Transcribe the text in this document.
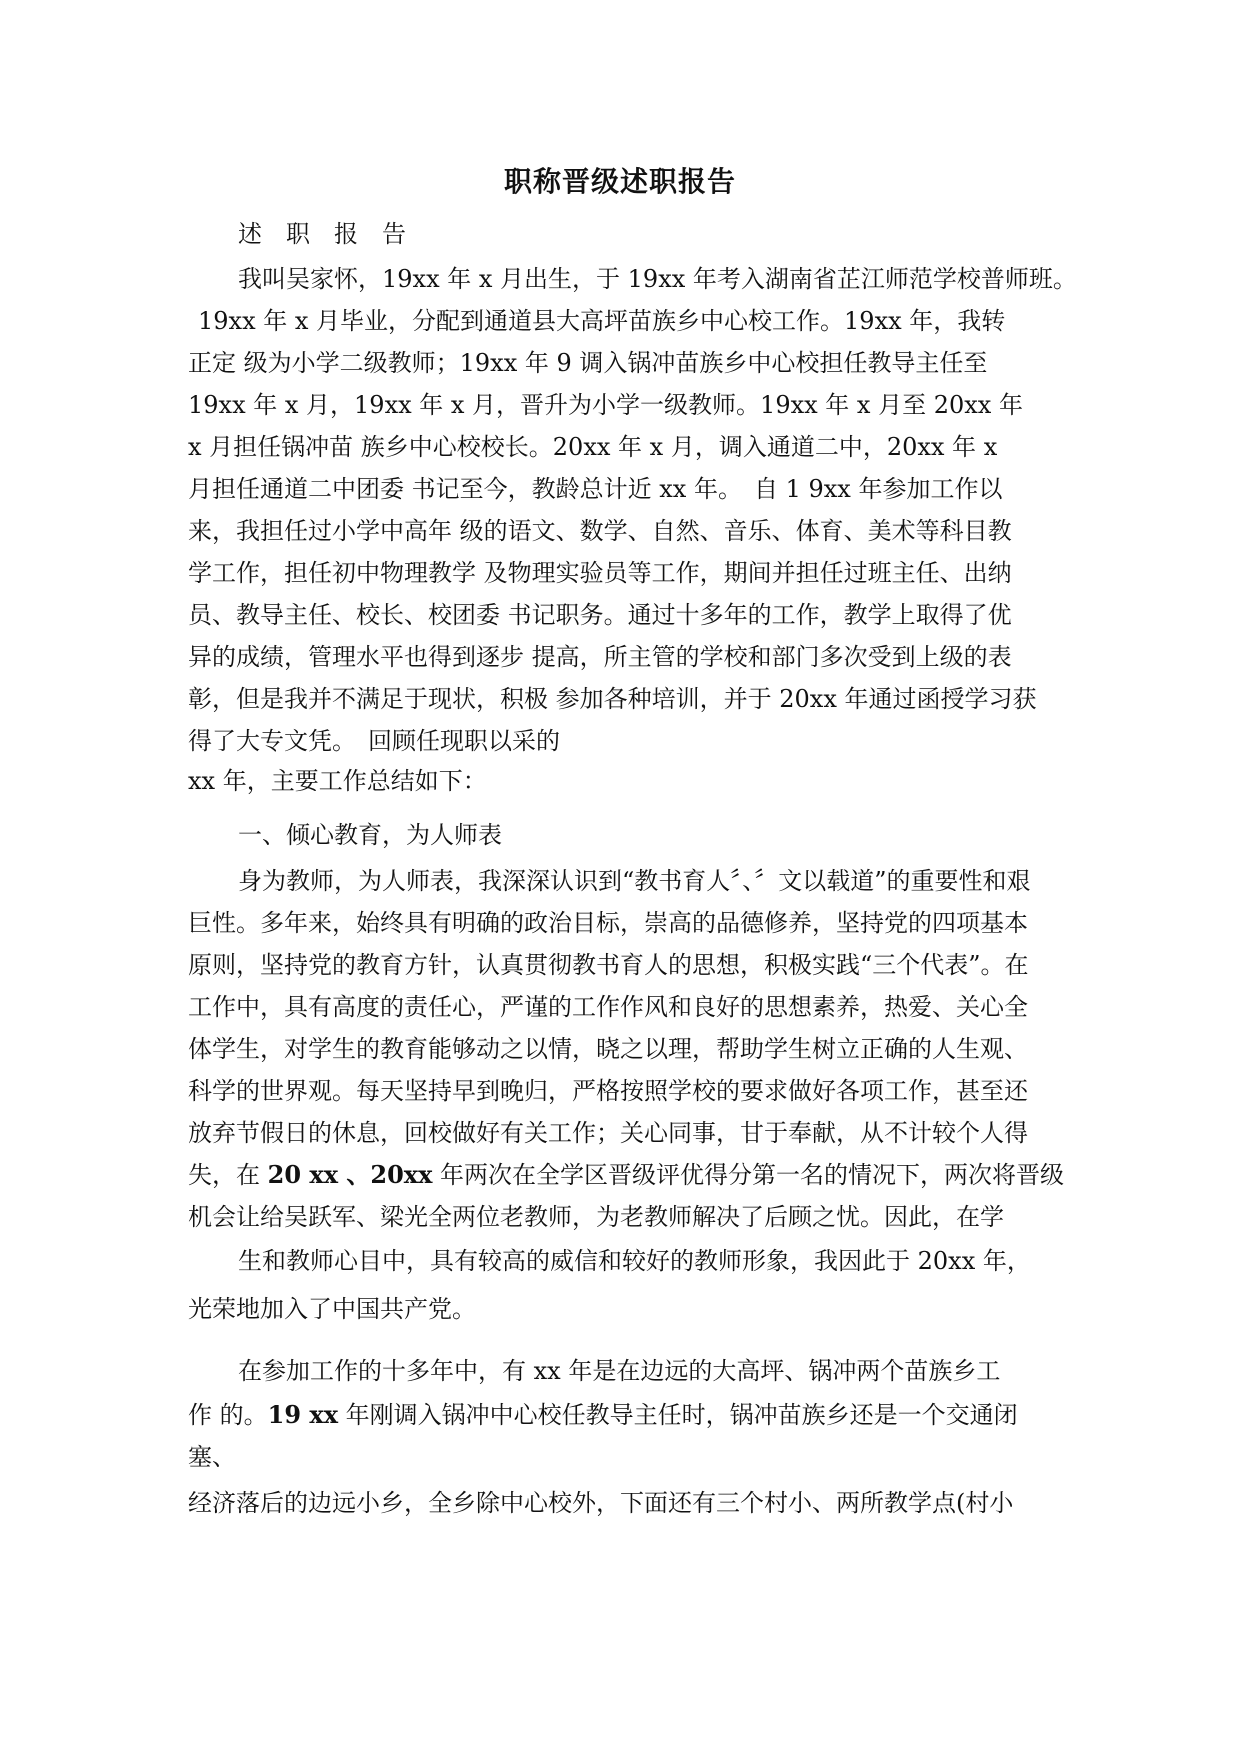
职称晋级述职报告
述　职　报　告
我叫吴家怀，19xx 年 x 月出生，于 19xx 年考入湖南省芷江师范学校普师班。
19xx 年 x 月毕业，分配到通道县大高坪苗族乡中心校工作。19xx 年，我转
正定 级为小学二级教师；19xx 年 9 调入锅冲苗族乡中心校担任教导主任至
19xx 年 x 月，19xx 年 x 月，晋升为小学一级教师。19xx 年 x 月至 20xx 年
x 月担任锅冲苗 族乡中心校校长。20xx 年 x 月，调入通道二中，20xx 年 x
月担任通道二中团委 书记至今，教龄总计近 xx 年。　自 1 9xx 年参加工作以
来，我担任过小学中高年 级的语文、数学、自然、音乐、体育、美术等科目教
学工作，担任初中物理教学 及物理实验员等工作，期间并担任过班主任、出纳
员、教导主任、校长、校团委 书记职务。通过十多年的工作，教学上取得了优
异的成绩，管理水平也得到逐步 提高，所主管的学校和部门多次受到上级的表
彰，但是我并不满足于现状，积极 参加各种培训，并于 20xx 年通过函授学习获
得了大专文凭。　回顾任现职以采的
xx 年，主要工作总结如下：
一、倾心教育，为人师表
身为教师，为人师表，我深深认识到“教书育人〞、〞文以载道”的重要性和艰
巨性。多年来，始终具有明确的政治目标，崇高的品德修养，坚持党的四项基本
原则，坚持党的教育方针，认真贯彻教书育人的思想，积极实践“三个代表”。在
工作中，具有高度的责任心，严谨的工作作风和良好的思想素养，热爱、关心全
体学生，对学生的教育能够动之以情，晓之以理，帮助学生树立正确的人生观、
科学的世界观。每天坚持早到晚归，严格按照学校的要求做好各项工作，甚至还
放弃节假日的休息，回校做好有关工作；关心同事，甘于奉献，从不计较个人得
失，在 20 xx 、20xx 年两次在全学区晋级评优得分第一名的情况下，两次将晋级
机会让给吴跃军、梁光全两位老教师，为老教师解决了后顾之忧。因此，在学
生和教师心目中，具有较高的威信和较好的教师形象，我因此于 20xx 年，
光荣地加入了中国共产党。
在参加工作的十多年中，有 xx 年是在边远的大高坪、锅冲两个苗族乡工
作 的。19 xx 年刚调入锅冲中心校任教导主任时，锅冲苗族乡还是一个交通闭
塞、
经济落后的边远小乡，全乡除中心校外，下面还有三个村小、两所教学点(村小
